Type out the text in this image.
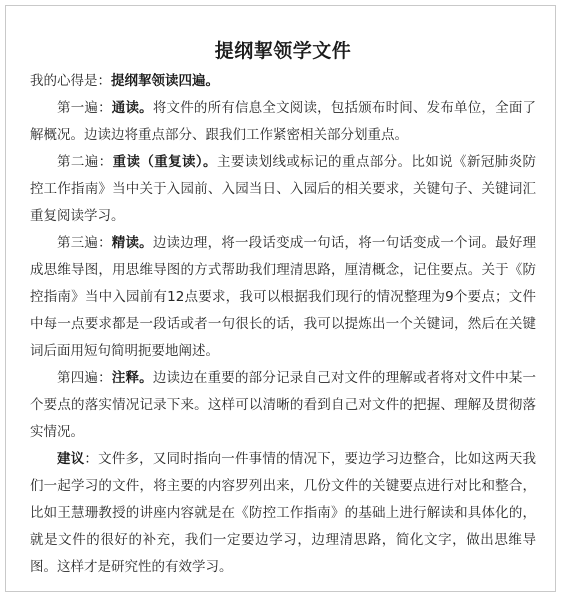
提纲挈领学文件

我的心得是：提纲挈领读四遍。

第一遍：通读。将文件的所有信息全文阅读，包括颁布时间、发布单位，全面了解概况。边读边将重点部分、跟我们工作紧密相关部分划重点。

第二遍：重读（重复读）。主要读划线或标记的重点部分。比如说《新冠肺炎防控工作指南》当中关于入园前、入园当日、入园后的相关要求，关键句子、关键词汇重复阅读学习。

第三遍：精读。边读边理，将一段话变成一句话，将一句话变成一个词。最好理成思维导图，用思维导图的方式帮助我们理清思路，厘清概念，记住要点。关于《防控指南》当中入园前有12点要求，我可以根据我们现行的情况整理为9个要点；文件中每一点要求都是一段话或者一句很长的话，我可以提炼出一个关键词，然后在关键词后面用短句简明扼要地阐述。

第四遍：注释。边读边在重要的部分记录自己对文件的理解或者将对文件中某一个要点的落实情况记录下来。这样可以清晰的看到自己对文件的把握、理解及贯彻落实情况。

建议：文件多，又同时指向一件事情的情况下，要边学习边整合，比如这两天我们一起学习的文件，将主要的内容罗列出来，几份文件的关键要点进行对比和整合，比如王慧珊教授的讲座内容就是在《防控工作指南》的基础上进行解读和具体化的，就是文件的很好的补充，我们一定要边学习，边理清思路，简化文字，做出思维导图。这样才是研究性的有效学习。
